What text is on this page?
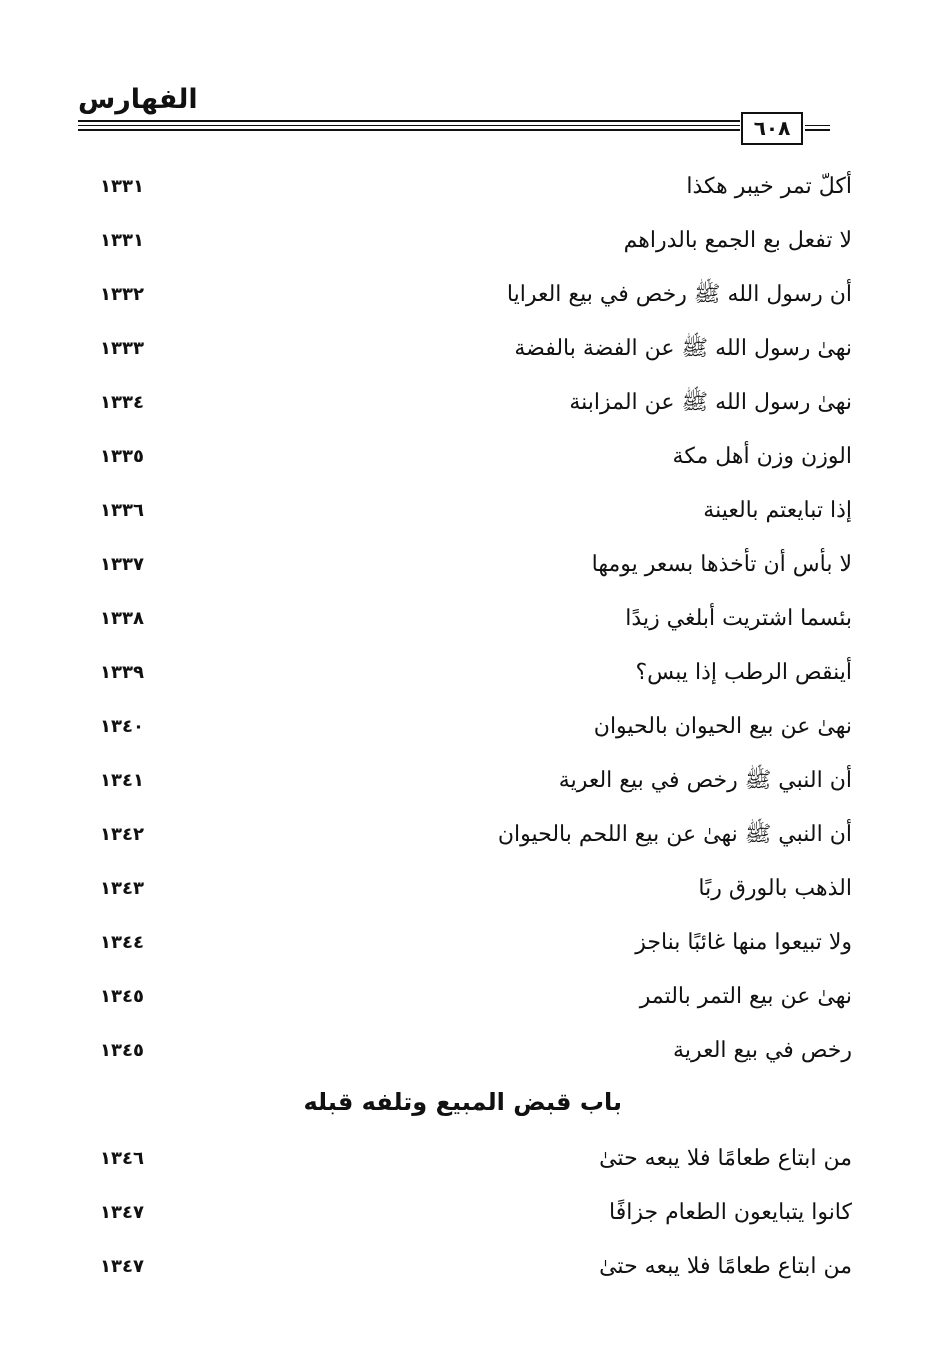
الفهارس
٦٠٨
أكلّ تمر خيبر هكذا
١٣٣١
لا تفعل بع الجمع بالدراهم
١٣٣١
أن رسول الله ﷺ رخص في بيع العرايا
١٣٣٢
نهىٰ رسول الله ﷺ عن الفضة بالفضة
١٣٣٣
نهىٰ رسول الله ﷺ عن المزابنة
١٣٣٤
الوزن وزن أهل مكة
١٣٣٥
إذا تبايعتم بالعينة
١٣٣٦
لا بأس أن تأخذها بسعر يومها
١٣٣٧
بئسما اشتريت أبلغي زيدًا
١٣٣٨
أينقص الرطب إذا يبس؟
١٣٣٩
نهىٰ عن بيع الحيوان بالحيوان
١٣٤٠
أن النبي ﷺ رخص في بيع العرية
١٣٤١
أن النبي ﷺ نهىٰ عن بيع اللحم بالحيوان
١٣٤٢
الذهب بالورق ربًا
١٣٤٣
ولا تبيعوا منها غائبًا بناجز
١٣٤٤
نهىٰ عن بيع التمر بالتمر
١٣٤٥
رخص في بيع العرية
١٣٤٥
باب قبض المبيع وتلفه قبله
من ابتاع طعامًا فلا يبعه حتىٰ
١٣٤٦
كانوا يتبايعون الطعام جزافًا
١٣٤٧
من ابتاع طعامًا فلا يبعه حتىٰ
١٣٤٧
